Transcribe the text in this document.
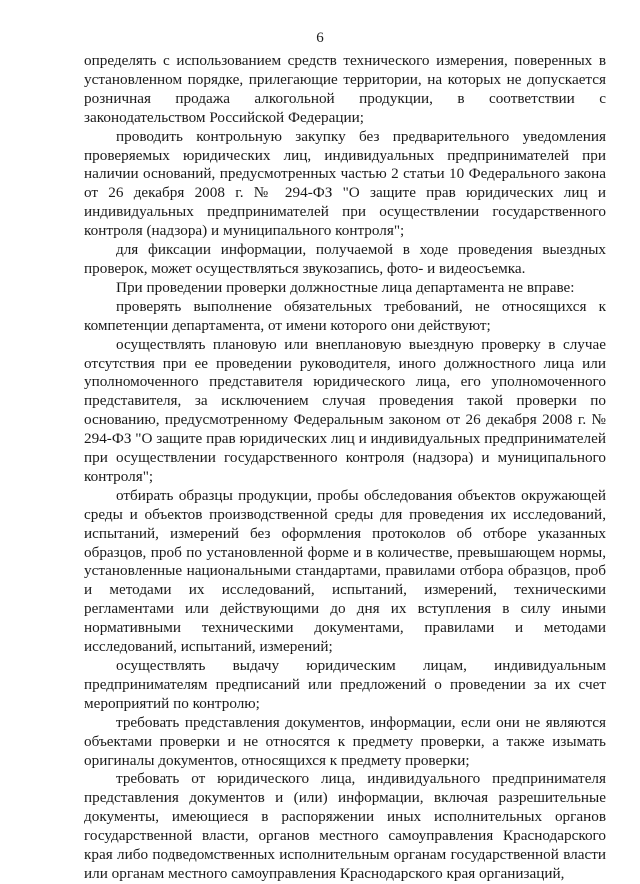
6

определять с использованием средств технического измерения, поверенных в установленном порядке, прилегающие территории, на которых не допускается розничная продажа алкогольной продукции, в соответствии с законодательством Российской Федерации;

проводить контрольную закупку без предварительного уведомления проверяемых юридических лиц, индивидуальных предпринимателей при наличии оснований, предусмотренных частью 2 статьи 10 Федерального закона от 26 декабря 2008 г. № 294-ФЗ "О защите прав юридических лиц и индивидуальных предпринимателей при осуществлении государственного контроля (надзора) и муниципального контроля";

для фиксации информации, получаемой в ходе проведения выездных проверок, может осуществляться звукозапись, фото- и видеосъемка.

При проведении проверки должностные лица департамента не вправе:

проверять выполнение обязательных требований, не относящихся к компетенции департамента, от имени которого они действуют;

осуществлять плановую или внеплановую выездную проверку в случае отсутствия при ее проведении руководителя, иного должностного лица или уполномоченного представителя юридического лица, его уполномоченного представителя, за исключением случая проведения такой проверки по основанию, предусмотренному Федеральным законом от 26 декабря 2008 г. № 294-ФЗ "О защите прав юридических лиц и индивидуальных предпринимателей при осуществлении государственного контроля (надзора) и муниципального контроля";

отбирать образцы продукции, пробы обследования объектов окружающей среды и объектов производственной среды для проведения их исследований, испытаний, измерений без оформления протоколов об отборе указанных образцов, проб по установленной форме и в количестве, превышающем нормы, установленные национальными стандартами, правилами отбора образцов, проб и методами их исследований, испытаний, измерений, техническими регламентами или действующими до дня их вступления в силу иными нормативными техническими документами, правилами и методами исследований, испытаний, измерений;

осуществлять выдачу юридическим лицам, индивидуальным предпринимателям предписаний или предложений о проведении за их счет мероприятий по контролю;

требовать представления документов, информации, если они не являются объектами проверки и не относятся к предмету проверки, а также изымать оригиналы документов, относящихся к предмету проверки;

требовать от юридического лица, индивидуального предпринимателя представления документов и (или) информации, включая разрешительные документы, имеющиеся в распоряжении иных исполнительных органов государственной власти, органов местного самоуправления Краснодарского края либо подведомственных исполнительным органам государственной власти или органам местного самоуправления Краснодарского края организаций,
